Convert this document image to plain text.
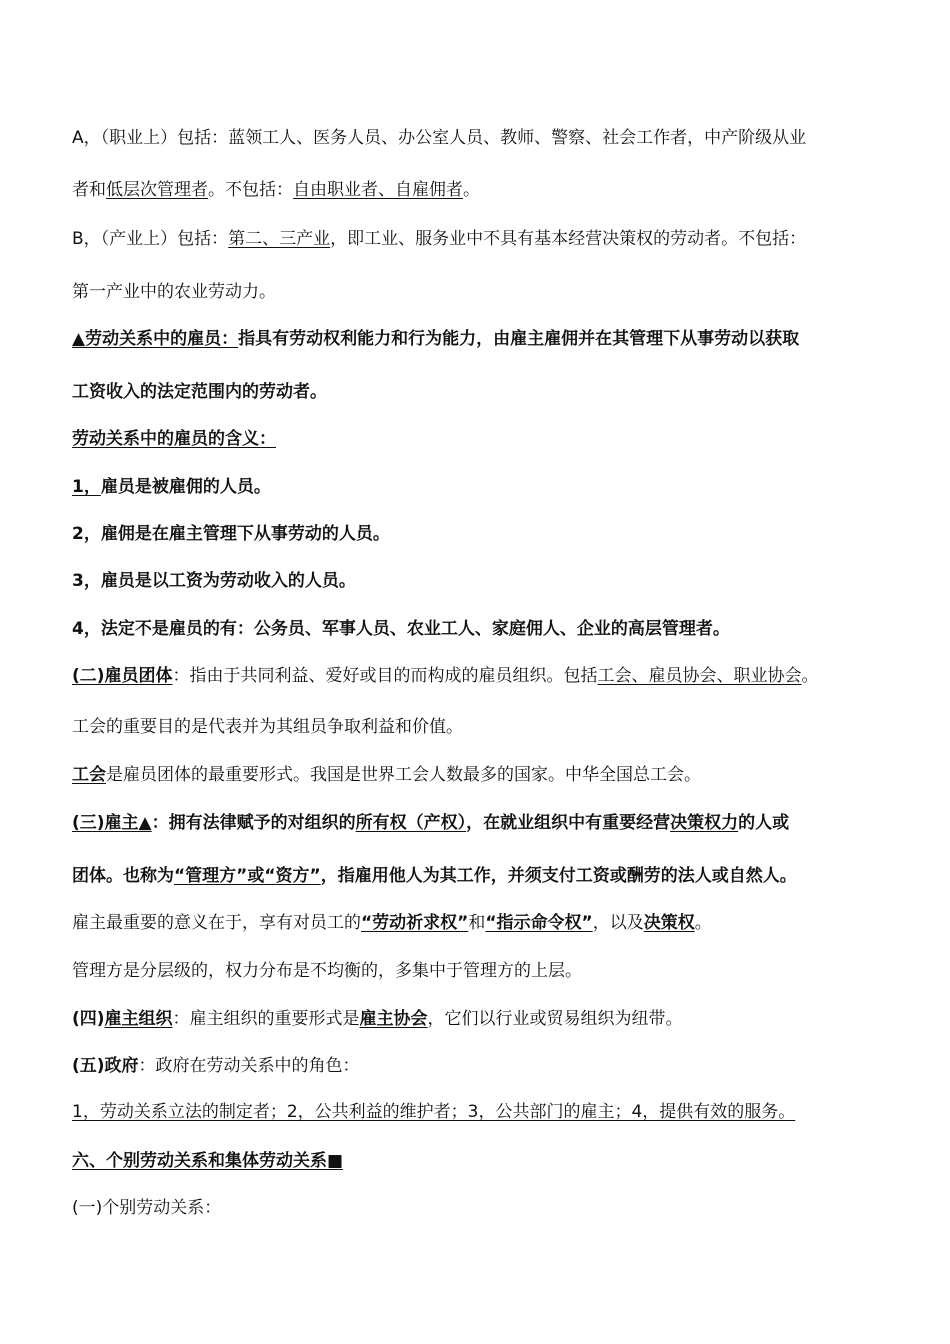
A，（职业上）包括：蓝领工人、医务人员、办公室人员、教师、警察、社会工作者，中产阶级从业
者和低层次管理者。不包括：自由职业者、自雇佣者。
B，（产业上）包括：第二、三产业，即工业、服务业中不具有基本经营决策权的劳动者。不包括：
第一产业中的农业劳动力。
▲劳动关系中的雇员：指具有劳动权利能力和行为能力，由雇主雇佣并在其管理下从事劳动以获取
工资收入的法定范围内的劳动者。
劳动关系中的雇员的含义：
1，雇员是被雇佣的人员。
2，雇佣是在雇主管理下从事劳动的人员。
3，雇员是以工资为劳动收入的人员。
4，法定不是雇员的有：公务员、军事人员、农业工人、家庭佣人、企业的高层管理者。
(二)雇员团体：指由于共同利益、爱好或目的而构成的雇员组织。包括工会、雇员协会、职业协会。
工会的重要目的是代表并为其组员争取利益和价值。
工会是雇员团体的最重要形式。我国是世界工会人数最多的国家。中华全国总工会。
(三)雇主▲：拥有法律赋予的对组织的所有权（产权），在就业组织中有重要经营决策权力的人或
团体。也称为“管理方”或“资方”，指雇用他人为其工作，并须支付工资或酬劳的法人或自然人。
雇主最重要的意义在于，享有对员工的“劳动祈求权”和“指示命令权”，以及决策权。
管理方是分层级的，权力分布是不均衡的，多集中于管理方的上层。
(四)雇主组织：雇主组织的重要形式是雇主协会，它们以行业或贸易组织为纽带。
(五)政府：政府在劳动关系中的角色：
1，劳动关系立法的制定者；2，公共利益的维护者；3，公共部门的雇主；4，提供有效的服务。
六、个别劳动关系和集体劳动关系■
(一)个别劳动关系：
